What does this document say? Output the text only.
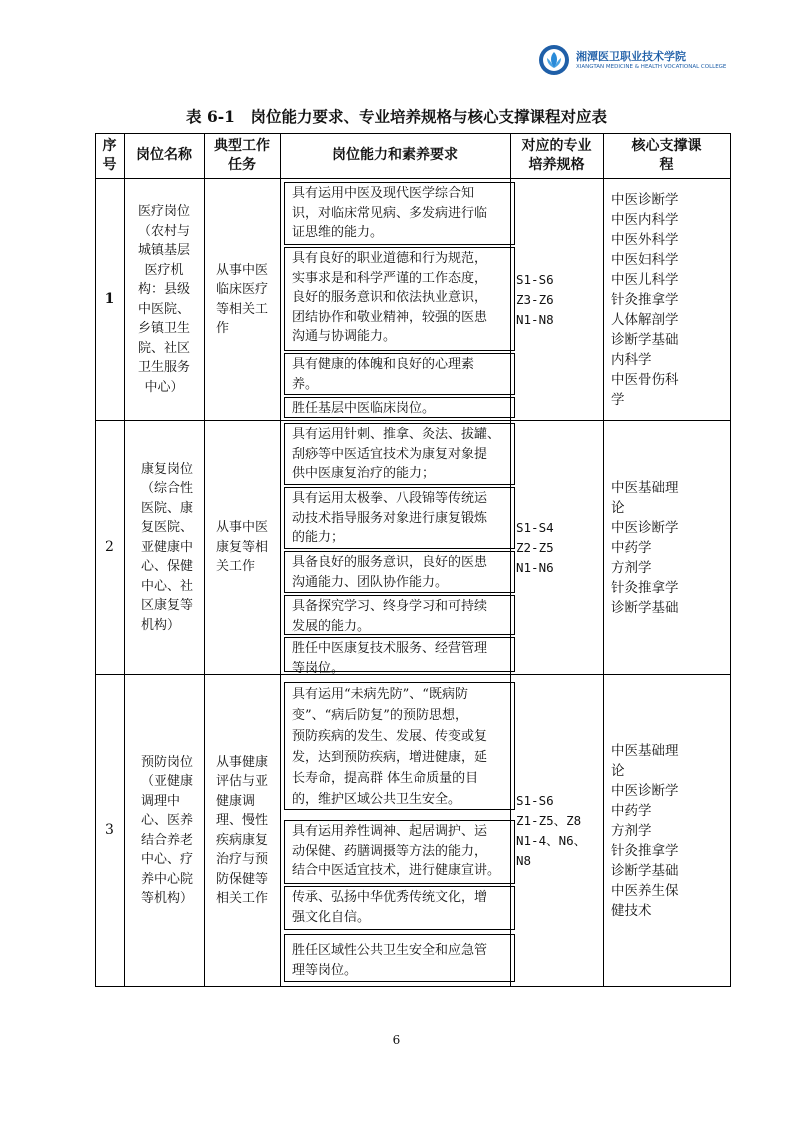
湘潭医卫职业技术学院
XIANGTAN MEDICINE & HEALTH VOCATIONAL COLLEGE
表 6-1　岗位能力要求、专业培养规格与核心支撑课程对应表
序
号
岗位名称
典型工作
任务
岗位能力和素养要求
对应的专业
培养规格
核心支撑课
程
1
医疗岗位
（农村与
城镇基层
医疗机
构：县级
中医院、
乡镇卫生
院、社区
卫生服务
中心）
从事中医
临床医疗
等相关工
作
具有运用中医及现代医学综合知
识，对临床常见病、多发病进行临
证思维的能力。
具有良好的职业道德和行为规范，
实事求是和科学严谨的工作态度，
良好的服务意识和依法执业意识，
团结协作和敬业精神，较强的医患
沟通与协调能力。
具有健康的体魄和良好的心理素
养。
胜任基层中医临床岗位。
S1-S6
Z3-Z6
N1-N8
中医诊断学
中医内科学
中医外科学
中医妇科学
中医儿科学
针灸推拿学
人体解剖学
诊断学基础
内科学
中医骨伤科
学
2
康复岗位
（综合性
医院、康
复医院、
亚健康中
心、保健
中心、社
区康复等
机构）
从事中医
康复等相
关工作
具有运用针刺、推拿、灸法、拔罐、
刮痧等中医适宜技术为康复对象提
供中医康复治疗的能力；
具有运用太极拳、八段锦等传统运
动技术指导服务对象进行康复锻炼
的能力；
具备良好的服务意识，良好的医患
沟通能力、团队协作能力。
具备探究学习、终身学习和可持续
发展的能力。
胜任中医康复技术服务、经营管理
等岗位。
S1-S4
Z2-Z5
N1-N6
中医基础理
论
中医诊断学
中药学
方剂学
针灸推拿学
诊断学基础
3
预防岗位
（亚健康
调理中
心、医养
结合养老
中心、疗
养中心院
等机构）
从事健康
评估与亚
健康调
理、慢性
疾病康复
治疗与预
防保健等
相关工作
具有运用“未病先防”、“既病防
变”、“病后防复”的预防思想，
预防疾病的发生、发展、传变或复
发，达到预防疾病，增进健康，延
长寿命，提高群 体生命质量的目
的，维护区域公共卫生安全。
具有运用养性调神、起居调护、运
动保健、药膳调摄等方法的能力，
结合中医适宜技术，进行健康宣讲。
传承、弘扬中华优秀传统文化，增
强文化自信。
胜任区域性公共卫生安全和应急管
理等岗位。
S1-S6
Z1-Z5、Z8
N1-4、N6、
N8
中医基础理
论
中医诊断学
中药学
方剂学
针灸推拿学
诊断学基础
中医养生保
健技术
6
